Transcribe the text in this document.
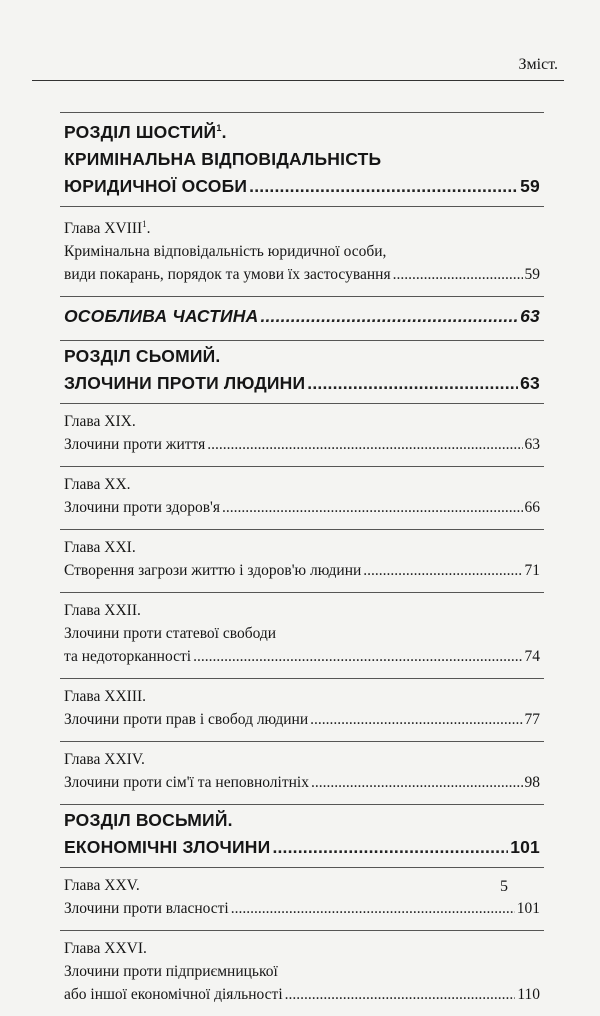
Зміст.
РОЗДІЛ ШОСТИЙ$^1$.
КРИМІНАЛЬНА ВІДПОВІДАЛЬНІСТЬ
ЮРИДИЧНОЇ ОСОБИ .....	59
Глава XVIII$^1$.
Кримінальна відповідальність юридичної особи,
види покарань, порядок та умови їх застосування .....	59
ОСОБЛИВА ЧАСТИНА .....	63
РОЗДІЛ СЬОМИЙ.
ЗЛОЧИНИ ПРОТИ ЛЮДИНИ .....	63
Глава XIX.
Злочини проти життя .....	63
Глава XX.
Злочини проти здоров'я .....	66
Глава XXI.
Створення загрози життю і здоров'ю людини .....	71
Глава XXII.
Злочини проти статевої свободи
та недоторканності .....	74
Глава XXIII.
Злочини проти прав і свобод людини .....	77
Глава XXIV.
Злочини проти сім'ї та неповнолітніх .....	98
РОЗДІЛ ВОСЬМИЙ.
ЕКОНОМІЧНІ ЗЛОЧИНИ .....	101
Глава XXV.
Злочини проти власності .....	101
Глава XXVI.
Злочини проти підприємницької
або іншої економічної діяльності .....	110
5
